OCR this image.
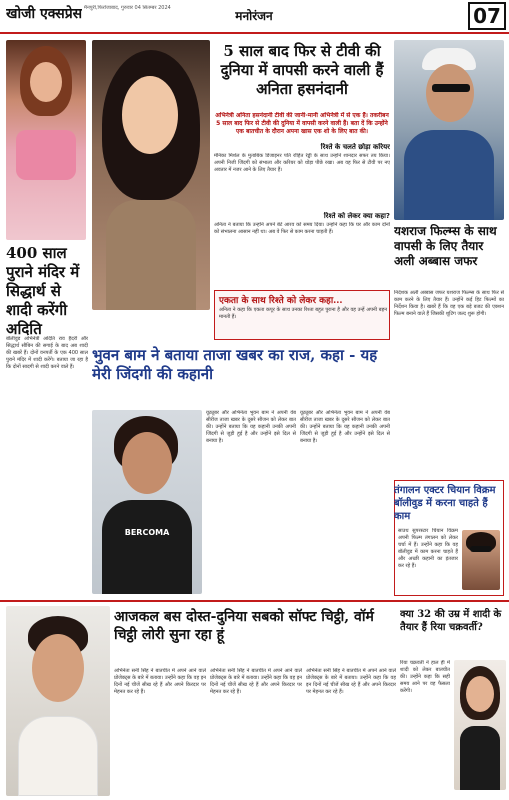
खोजी एक्सप्रेस मैनपुरी,फिरोजाबाद, गुरुवार 04 सितम्बर 2024
मनोरंजन	07
400 साल पुराने मंदिर में सिद्धार्थ से शादी करेंगी अदिति
बॉलीवुड अभिनेत्री अदिति राव हैदरी और सिद्धार्थ सौबिन की सगाई के बाद अब शादी की खबरें हैं। दोनों वनपर्ती के एक 400 साल पुराने मंदिर में शादी करेंगे। बताया जा रहा है कि दोनों सादगी से शादी करने वाले हैं।
5 साल बाद फिर से टीवी की दुनिया में वापसी करने वाली हैं अनिता हसनंदानी
अभिनेत्री अनिता हसनंदानी टीवी की जानी-मानी अभिनेत्री में से एक हैं। तकरीबन 5 साल बाद फिर से टीवी की दुनिया में वापसी करने वाली हैं। बता दें कि उन्होंने एक बातचीत के दौरान अपना खास एक शो के लिए बात की।
रिश्ते के चलते छोड़ा करियर
मेनिका मिशेल के मुताबिक डिजाइनर पति रोहित रेड्डी के साथ उन्होंने शानदार सफर तय किया। अपनी निजी जिंदगी को संभाला और करियर को थोड़ा पीछे रखा। अब वह फिर से टीवी पर नए अवतार में नजर आने के लिए तैयार हैं।
रिश्ते को लेकर क्या कहा?
अनिता ने बताया कि उन्होंने अपने बेटे आरव को समय दिया। उन्होंने कहा कि घर और काम दोनों को संभालना आसान नहीं था। अब वे फिर से काम करना चाहती हैं।	यशराज फिल्म्स के साथ वापसी के लिए तैयार अली अब्बास जफर
निर्देशक अली अब्बास जफर यशराज फिल्म्स के साथ फिर से काम करने के लिए तैयार हैं। उन्होंने कई हिट फिल्मों का निर्देशन किया है। खबरें हैं कि वह एक बड़े बजट की एक्शन फिल्म बनाने वाले हैं जिसकी शूटिंग जल्द शुरू होगी।
एकता के साथ रिश्ते को लेकर कहा...
अनिता ने कहा कि एकता कपूर के साथ उनका रिश्ता बहुत पुराना है और वह उन्हें अपनी बहन मानती हैं।
भुवन बाम ने बताया ताजा खबर का राज, कहा - यह मेरी जिंदगी की कहानी
BERCOMA
यूट्यूबर और अभिनेता भुवन बाम ने अपनी वेब सीरीज ताजा खबर के दूसरे सीजन को लेकर बात की। उन्होंने बताया कि यह कहानी उनकी अपनी जिंदगी से जुड़ी हुई है और उन्होंने इसे दिल से बनाया है।
यूट्यूबर और अभिनेता भुवन बाम ने अपनी वेब सीरीज ताजा खबर के दूसरे सीजन को लेकर बात की। उन्होंने बताया कि यह कहानी उनकी अपनी जिंदगी से जुड़ी हुई है और उन्होंने इसे दिल से बनाया है।
तंगालन एक्टर चियान विक्रम बॉलीवुड में करना चाहते हैं काम
साउथ सुपरस्टार चियान विक्रम अपनी फिल्म तंगालन को लेकर चर्चा में हैं। उन्होंने कहा कि वह बॉलीवुड में काम करना चाहते हैं और अच्छी कहानी का इंतजार कर रहे हैं।
आजकल बस दोस्त-दुनिया सबको सॉफ्ट चिट्ठी, वॉर्म चिट्ठी लोरी सुना रहा हूं
अभिनेता सनी सिंह ने बातचीत में अपने आने वाले प्रोजेक्ट्स के बारे में बताया। उन्होंने कहा कि वह इन दिनों नई चीजें सीख रहे हैं और अपने किरदार पर मेहनत कर रहे हैं।
अभिनेता सनी सिंह ने बातचीत में अपने आने वाले प्रोजेक्ट्स के बारे में बताया। उन्होंने कहा कि वह इन दिनों नई चीजें सीख रहे हैं और अपने किरदार पर मेहनत कर रहे हैं।
अभिनेता सनी सिंह ने बातचीत में अपने आने वाले प्रोजेक्ट्स के बारे में बताया। उन्होंने कहा कि वह इन दिनों नई चीजें सीख रहे हैं और अपने किरदार पर मेहनत कर रहे हैं।
क्या 32 की उम्र में शादी के तैयार हैं रिया चक्रवर्ती?
रिया चक्रवर्ती ने हाल ही में शादी को लेकर बातचीत की। उन्होंने कहा कि सही समय आने पर वह फैसला करेंगी।
